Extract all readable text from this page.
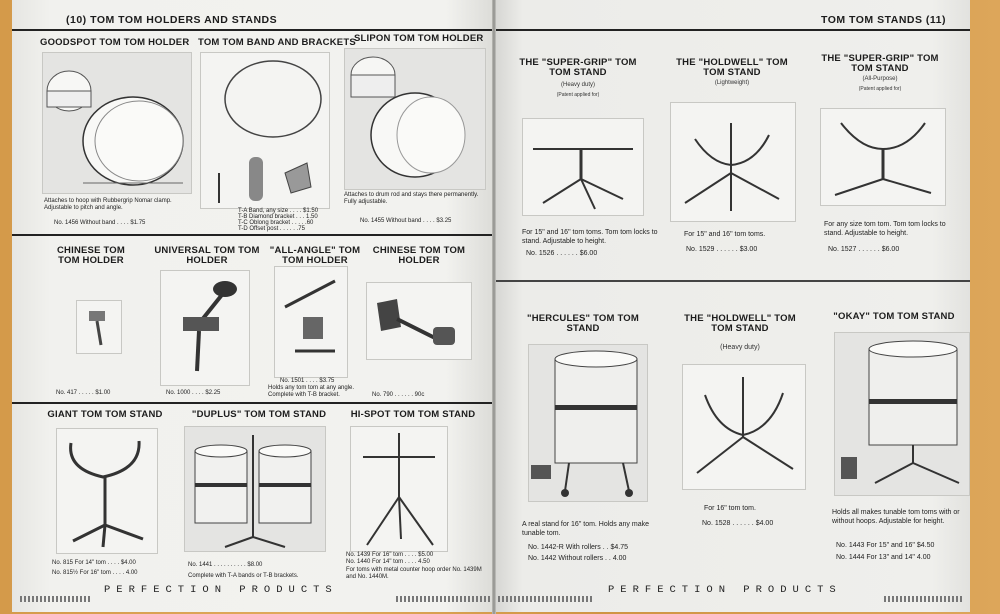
(10) TOM TOM HOLDERS AND STANDS
GOODSPOT TOM TOM HOLDER
Attaches to hoop with Rubbergrip Nomar clamp. Adjustable to pitch and angle.
No. 1456 Without band . . . . $1.75
TOM TOM BAND AND BRACKETS
T-A Band, any size . . . . $1.50
T-B Diamond bracket . . . 1.50
T-C Oblong bracket . . . . .60
T-D Offset post . . . . . .75
SLIPON TOM TOM HOLDER
Attaches to drum rod and stays there permanently. Fully adjustable.
No. 1455 Without band . . . . $3.25
CHINESE TOM TOM HOLDER
No. 417 . . . . . $1.00
UNIVERSAL TOM TOM HOLDER
No. 1000 . . . . $2.25
"ALL-ANGLE" TOM TOM HOLDER
No. 1501 . . . . $3.75
Holds any tom tom at any angle. Complete with T-B bracket.
CHINESE TOM TOM HOLDER
No. 790 . . . . . . 90c
GIANT TOM TOM STAND
No. 815 For 14" tom . . . . $4.00
No. 815½ For 16" tom . . . . 4.00
"DUPLUS" TOM TOM STAND
No. 1441 . . . . . . . . . . $8.00
Complete with T-A bands or T-B brackets.
HI-SPOT TOM TOM STAND
No. 1439 For 16" tom . . . . $5.00
No. 1440 For 14" tom . . . . 4.50
For toms with metal counter hoop order No. 1439M and No. 1440M.
PERFECTION PRODUCTS
TOM TOM STANDS (11)
THE "SUPER-GRIP" TOM TOM STAND
(Heavy duty)
(Patent applied for)
For 15" and 16" tom toms. Tom tom locks to stand. Adjustable to height.
No. 1526 . . . . . . $6.00
THE "HOLDWELL" TOM TOM STAND
(Lightweight)
For 15" and 16" tom toms.
No. 1529 . . . . . . $3.00
THE "SUPER-GRIP" TOM TOM STAND
(All-Purpose)
(Patent applied for)
For any size tom tom. Tom tom locks to stand. Adjustable to height.
No. 1527 . . . . . . $6.00
"HERCULES" TOM TOM STAND
A real stand for 16" tom. Holds any make tunable tom.
No. 1442-R With rollers . . $4.75
No. 1442 Without rollers . . 4.00
THE "HOLDWELL" TOM TOM STAND
(Heavy duty)
For 16" tom tom.
No. 1528 . . . . . . $4.00
"OKAY" TOM TOM STAND
Holds all makes tunable tom toms with or without hoops. Adjustable for height.
No. 1443 For 15" and 16" $4.50
No. 1444 For 13" and 14" 4.00
PERFECTION PRODUCTS
